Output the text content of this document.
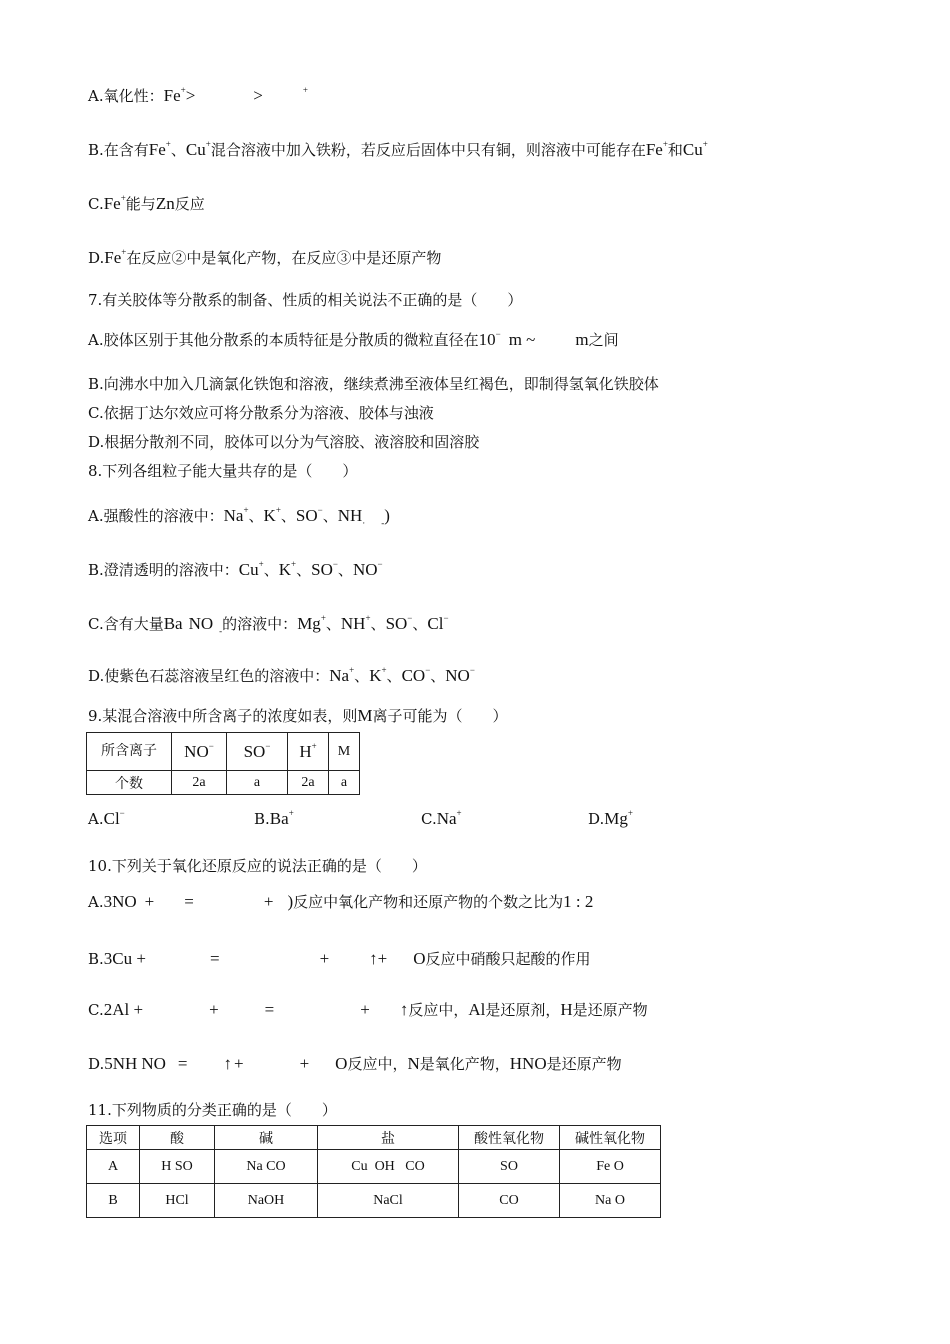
A.氧化性：Fe+>	>	+
B.在含有Fe+、Cu+混合溶液中加入铁粉，若反应后固体中只有铜，则溶液中可能存在Fe+和Cu+
C.Fe+能与Zn反应
D.Fe+在反应②中是氧化产物，在反应③中是还原产物
7.有关胶体等分散系的制备、性质的相关说法不正确的是（　　）
A.胶体区别于其他分散系的本质特征是分散质的微粒直径在10− m ~ m之间
B.向沸水中加入几滴氯化铁饱和溶液，继续煮沸至液体呈红褐色，即制得氢氧化铁胶体
C.依据丁达尔效应可将分散系分为溶液、胶体与浊液
D.根据分散剂不同，胶体可以分为气溶胶、液溶胶和固溶胶
8.下列各组粒子能大量共存的是（　　）
A.强酸性的溶液中：Na+、K+、SO−、$NH_\cdot$ $_-$)
B.澄清透明的溶液中：Cu+、K+、SO−、NO−
C.含有大量Ba NO $_-$的溶液中：Mg+、NH+、SO−、Cl−
D.使紫色石蕊溶液呈红色的溶液中：Na+、K+、CO−、NO−
9.某混合溶液中所含离子的浓度如表，则M离子可能为（　　）
所含离子	NO−	SO−	H+	M
个数	2a	a	2a	a
A.Cl−	B.Ba+	C.Na+	D.Mg+
10.下列关于氧化还原反应的说法正确的是（　　）
A.3NO + =	+ )反应中氧化产物和还原产物的个数之比为1 : 2
B.3Cu +	=	+ ↑+ O反应中硝酸只起酸的作用
C.2Al +	+	=	+ ↑反应中，Al是还原剂，H是还原产物
D.5NH NO = ↑ +	+ O反应中，N是氧化产物，HNO是还原产物
11.下列物质的分类正确的是（　　）
选项	酸	碱	盐	酸性氧化物	碱性氧化物
A	H SO	Na CO	Cu  OH   CO	SO	Fe O
B	HCl	NaOH	NaCl	CO	Na O
